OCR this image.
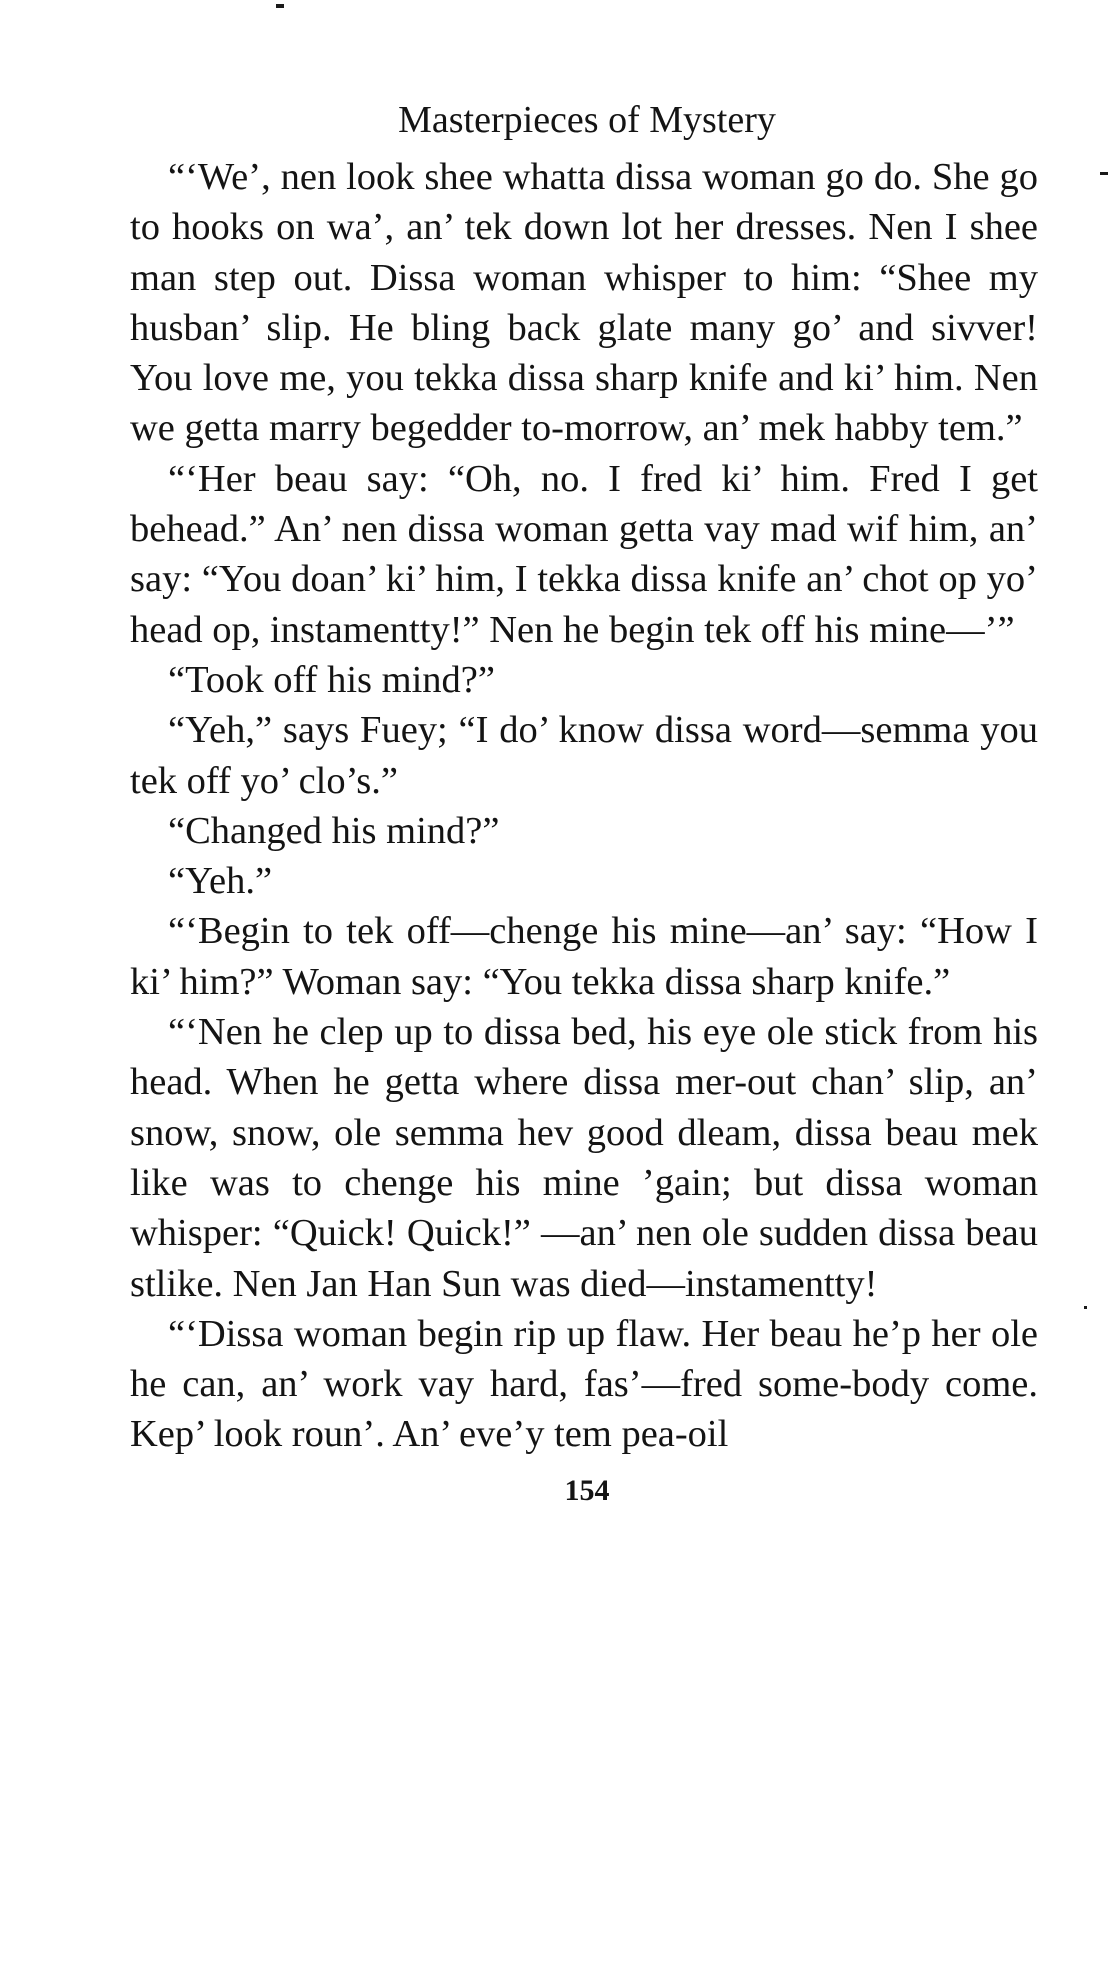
Masterpieces of Mystery

“‘We’, nen look shee whatta dissa woman go do. She go to hooks on wa’, an’ tek down lot her dresses. Nen I shee man step out. Dissa woman whisper to him: “Shee my husban’ slip. He bling back glate many go’ and sivver! You love me, you tekka dissa sharp knife and ki’ him. Nen we getta marry begedder to-morrow, an’ mek habby tem.”

“‘Her beau say: “Oh, no. I fred ki’ him. Fred I get behead.” An’ nen dissa woman getta vay mad wif him, an’ say: “You doan’ ki’ him, I tekka dissa knife an’ chot op yo’ head op, instamentty!” Nen he begin tek off his mine—’”

“Took off his mind?”

“Yeh,” says Fuey; “I do’ know dissa word—semma you tek off yo’ clo’s.”

“Changed his mind?”

“Yeh.”

“‘Begin to tek off—chenge his mine—an’ say: “How I ki’ him?” Woman say: “You tekka dissa sharp knife.”

“‘Nen he clep up to dissa bed, his eye ole stick from his head. When he getta where dissa mer-out chan’ slip, an’ snow, snow, ole semma hev good dleam, dissa beau mek like was to chenge his mine ’gain; but dissa woman whisper: “Quick! Quick!” —an’ nen ole sudden dissa beau stlike. Nen Jan Han Sun was died—instamentty!

“‘Dissa woman begin rip up flaw. Her beau he’p her ole he can, an’ work vay hard, fas’—fred some-body come. Kep’ look roun’. An’ eve’y tem pea-oil

154
